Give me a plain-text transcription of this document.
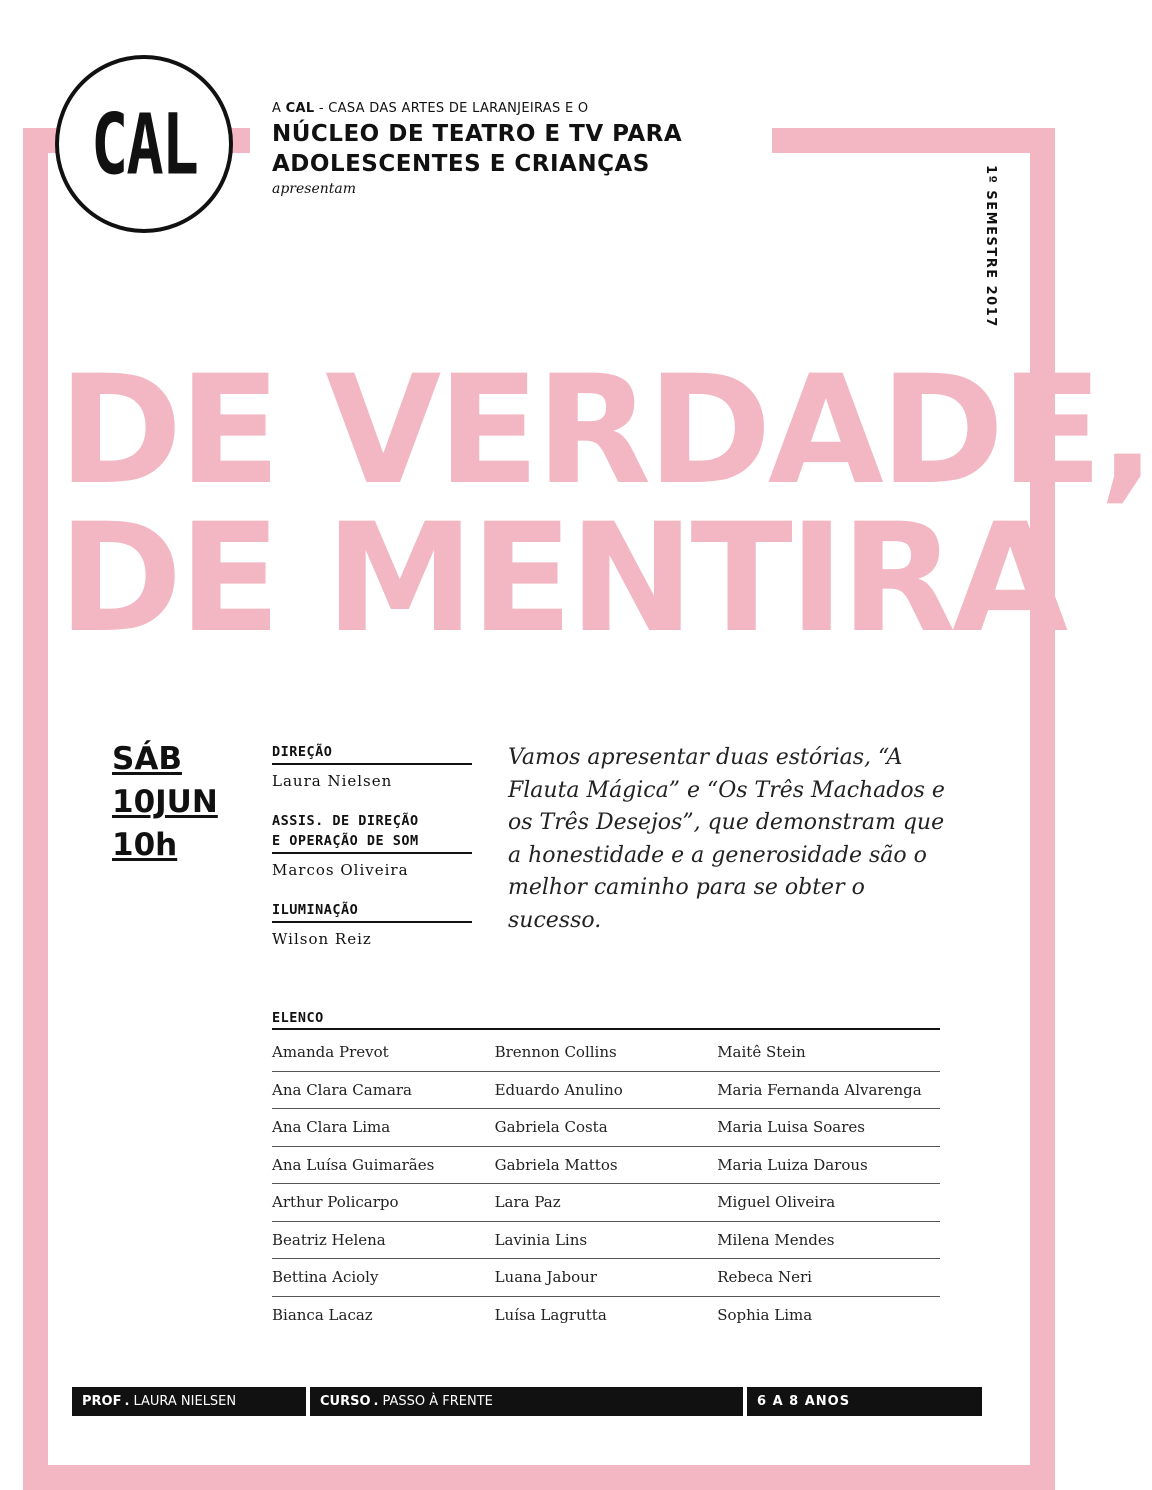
CAL	A CAL - CASA DAS ARTES DE LARANJEIRAS E O
NÚCLEO DE TEATRO E TV PARA
ADOLESCENTES E CRIANÇAS
apresentam	1º SEMESTRE 2017
DE VERDADE,
DE MENTIRA
SÁB
10JUN
10h
DIREÇÃO
Laura Nielsen
ASSIS. DE DIREÇÃO
E OPERAÇÃO DE SOM
Marcos Oliveira
ILUMINAÇÃO
Wilson Reiz
Vamos apresentar duas estórias, “A Flauta Mágica” e “Os Três Machados e os Três Desejos”, que demonstram que a honestidade e a generosidade são o melhor caminho para se obter o sucesso.
ELENCO
Amanda Prevot	Brennon Collins	Maitê Stein
Ana Clara Camara	Eduardo Anulino	Maria Fernanda Alvarenga
Ana Clara Lima	Gabriela Costa	Maria Luisa Soares
Ana Luísa Guimarães	Gabriela Mattos	Maria Luiza Darous
Arthur Policarpo	Lara Paz	Miguel Oliveira
Beatriz Helena	Lavinia Lins	Milena Mendes
Bettina Acioly	Luana Jabour	Rebeca Neri
Bianca Lacaz	Luísa Lagrutta	Sophia Lima
PROF . LAURA NIELSEN	CURSO . PASSO À FRENTE	6 A 8 ANOS
